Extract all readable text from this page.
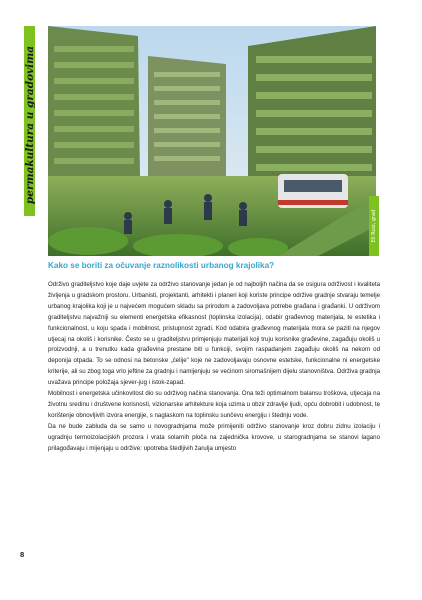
permakultura u gradovima
Eli Ruiz, grad
Kako se boriti za očuvanje raznolikosti urbanog krajolika?

Održivo graditeljstvo koje daje uvjete za održivo stanovanje jedan je od najboljih načina da se osigura održivost i kvaliteta življenja u gradskom prostoru. Urbanisti, projektanti, arhitekti i planeri koji koriste principe održive gradnje stvaraju temelje urbanog krajolika koji je u najvećem mogućem skladu sa prirodom a zadovoljava potrebe građana i građanki. U održivom graditeljstvu najvažniji su elementi energetska efikasnost (toplinska izolacija), odabir građevnog materijala, te estetika i funkcionalnost, u koju spada i mobilnost, pristupnost zgradi. Kod odabira građevnog materijala mora se paziti na njegov utjecaj na okoliš i korisnike. Često se u graditeljstvu primjenjuju materijali koji truju korisnike građevine, zagađuju okoliš u proizvodnji, a u trenutku kada građevina prestane biti u funkciji, svojim raspadanjem zagađuju okoliš na nekom od deponija otpada. To se odnosi na betonske „ćelije" koje ne zadovoljavaju osnovne estetske, funkcionalne ni energetske kriterije, ali su zbog toga vrlo jeftine za gradnju i namijenjuju se većinom siromašnijem dijelu stanovništva. Održiva gradnja uvažava principe položaja sjever-jug i istok-zapad.

Mobilnost i energetska učinkovitost dio su održivog načina stanovanja. Ona teži optimalnom balansu troškova, utjecaja na životnu sredinu i društvene korisnosti, vizionarske arhitekture koja uzima u obzir zdravlje ljudi, opću dobrobit i udobnost, te korištenje obnovljivih izvora energije, s naglaskom na toplinsku sunčevu energiju i štednju vode.

Da ne bude zabluda da se samo u novogradnjama može primijeniti održivo stanovanje kroz dobru zidnu izolaciju i ugradnju termoizolacijskih prozora i vrata solarnih ploča na zajednička krovove, u starogradnjama se stanovi lagano prilagođavaju i mijenjaju u održive: upotreba štedljivih žarulja umjesto

8
